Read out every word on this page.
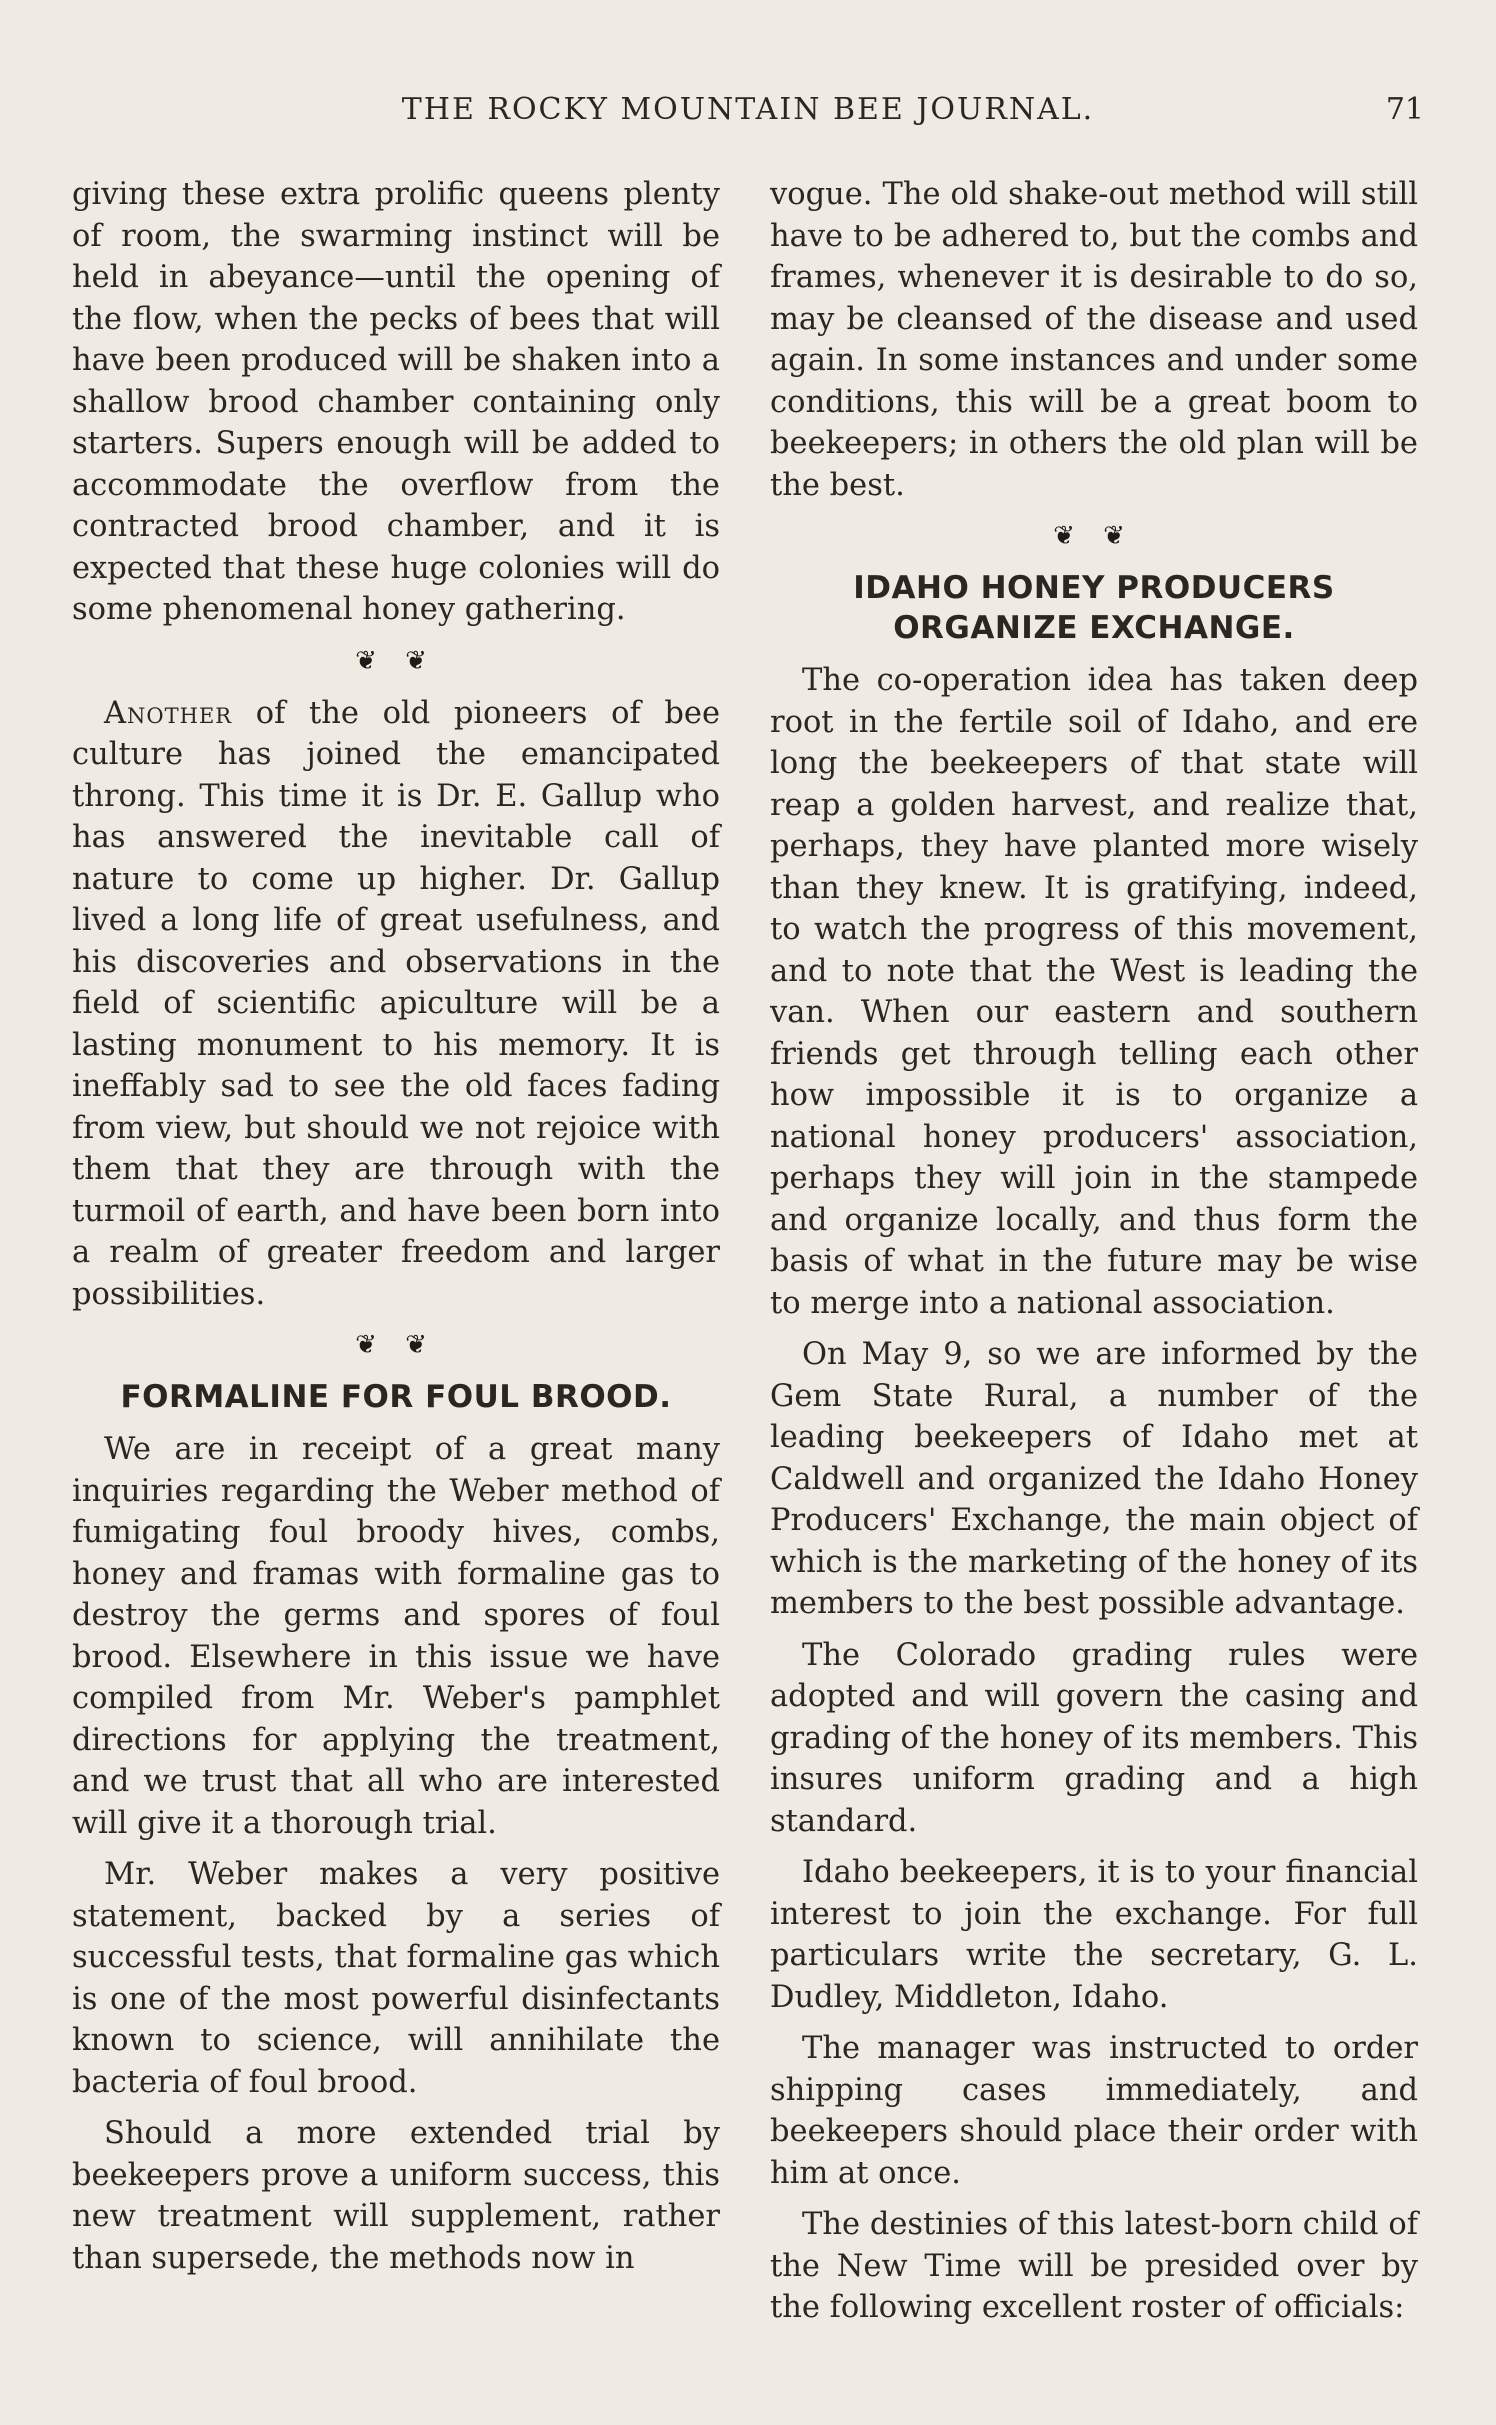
THE ROCKY MOUNTAIN BEE JOURNAL.	71

giving these extra prolific queens plenty of room, the swarming instinct will be held in abeyance—until the opening of the flow, when the pecks of bees that will have been produced will be shaken into a shallow brood chamber containing only starters. Supers enough will be added to accommodate the overflow from the contracted brood chamber, and it is expected that these huge colonies will do some phenomenal honey gathering.

❦ ❦

Another of the old pioneers of bee culture has joined the emancipated throng. This time it is Dr. E. Gallup who has answered the inevitable call of nature to come up higher. Dr. Gallup lived a long life of great usefulness, and his discoveries and observations in the field of scientific apiculture will be a lasting monument to his memory. It is ineffably sad to see the old faces fading from view, but should we not rejoice with them that they are through with the turmoil of earth, and have been born into a realm of greater freedom and larger possibilities.

❦ ❦
FORMALINE FOR FOUL BROOD.

We are in receipt of a great many inquiries regarding the Weber method of fumigating foul broody hives, combs, honey and framas with formaline gas to destroy the germs and spores of foul brood. Elsewhere in this issue we have compiled from Mr. Weber's pamphlet directions for applying the treatment, and we trust that all who are interested will give it a thorough trial.

Mr. Weber makes a very positive statement, backed by a series of successful tests, that formaline gas which is one of the most powerful disinfectants known to science, will annihilate the bacteria of foul brood.

Should a more extended trial by beekeepers prove a uniform success, this new treatment will supplement, rather than supersede, the methods now in

vogue. The old shake-out method will still have to be adhered to, but the combs and frames, whenever it is desirable to do so, may be cleansed of the disease and used again. In some instances and under some conditions, this will be a great boom to beekeepers; in others the old plan will be the best.

❦ ❦
IDAHO HONEY PRODUCERS ORGANIZE EXCHANGE.

The co-operation idea has taken deep root in the fertile soil of Idaho, and ere long the beekeepers of that state will reap a golden harvest, and realize that, perhaps, they have planted more wisely than they knew. It is gratifying, indeed, to watch the progress of this movement, and to note that the West is leading the van. When our eastern and southern friends get through telling each other how impossible it is to organize a national honey producers' association, perhaps they will join in the stampede and organize locally, and thus form the basis of what in the future may be wise to merge into a national association.

On May 9, so we are informed by the Gem State Rural, a number of the leading beekeepers of Idaho met at Caldwell and organized the Idaho Honey Producers' Exchange, the main object of which is the marketing of the honey of its members to the best possible advantage.

The Colorado grading rules were adopted and will govern the casing and grading of the honey of its members. This insures uniform grading and a high standard.

Idaho beekeepers, it is to your financial interest to join the exchange. For full particulars write the secretary, G. L. Dudley, Middleton, Idaho.

The manager was instructed to order shipping cases immediately, and beekeepers should place their order with him at once.

The destinies of this latest-born child of the New Time will be presided over by the following excellent roster of officials:
